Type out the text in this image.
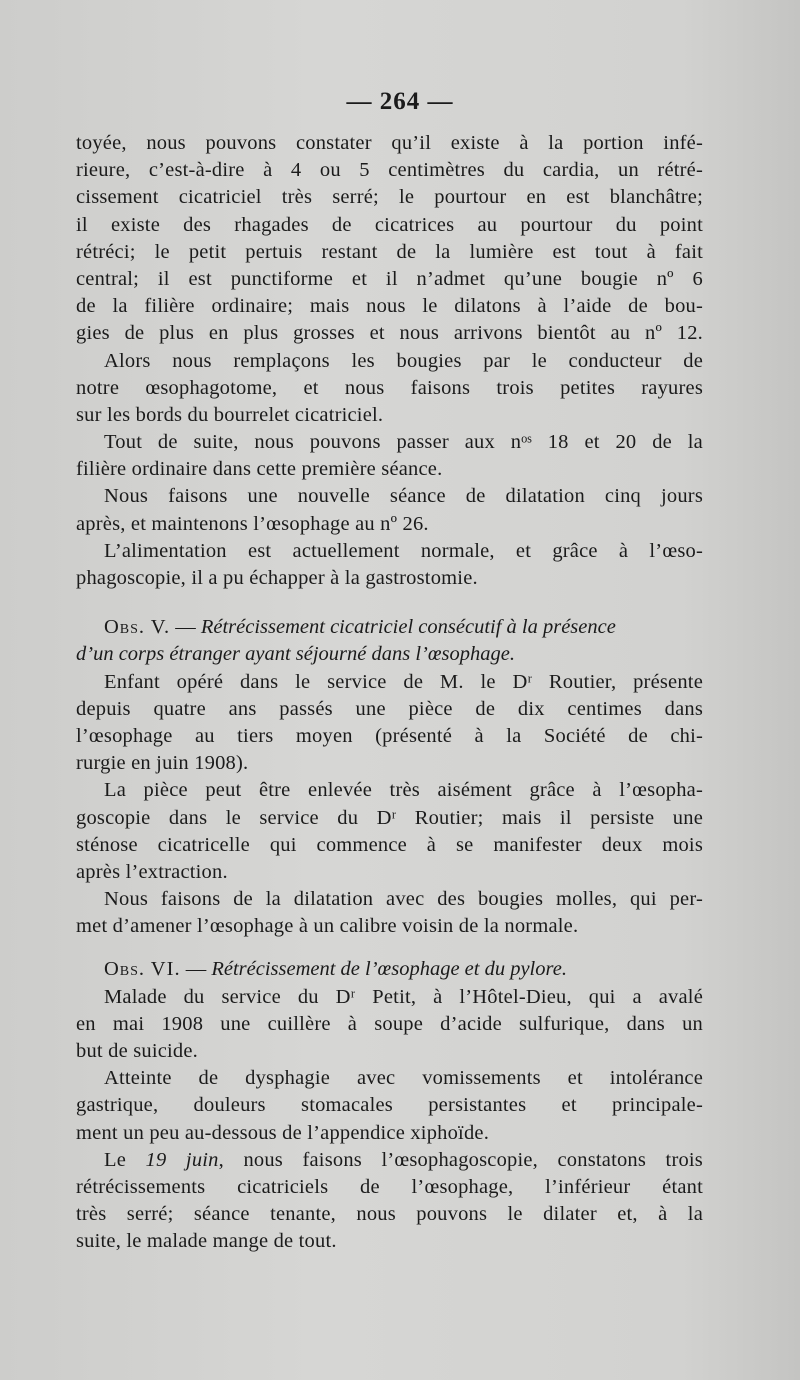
— 264 —
toyée, nous pouvons constater qu’il existe à la portion infé-
rieure, c’est-à-dire à 4 ou 5 centimètres du cardia, un rétré-
cissement cicatriciel très serré; le pourtour en est blanchâtre;
il existe des rhagades de cicatrices au pourtour du point
rétréci; le petit pertuis restant de la lumière est tout à fait
central; il est punctiforme et il n’admet qu’une bougie nº 6
de la filière ordinaire; mais nous le dilatons à l’aide de bou-
gies de plus en plus grosses et nous arrivons bientôt au nº 12.
Alors nous remplaçons les bougies par le conducteur de
notre œsophagotome, et nous faisons trois petites rayures
sur les bords du bourrelet cicatriciel.
Tout de suite, nous pouvons passer aux nᵒˢ 18 et 20 de la
filière ordinaire dans cette première séance.
Nous faisons une nouvelle séance de dilatation cinq jours
après, et maintenons l’œsophage au nº 26.
L’alimentation est actuellement normale, et grâce à l’œso-
phagoscopie, il a pu échapper à la gastrostomie.
Obs. V. — Rétrécissement cicatriciel consécutif à la présence
d’un corps étranger ayant séjourné dans l’œsophage.
Enfant opéré dans le service de M. le Dʳ Routier, présente
depuis quatre ans passés une pièce de dix centimes dans
l’œsophage au tiers moyen (présenté à la Société de chi-
rurgie en juin 1908).
La pièce peut être enlevée très aisément grâce à l’œsopha-
goscopie dans le service du Dʳ Routier; mais il persiste une
sténose cicatricelle qui commence à se manifester deux mois
après l’extraction.
Nous faisons de la dilatation avec des bougies molles, qui per-
met d’amener l’œsophage à un calibre voisin de la normale.
Obs. VI. — Rétrécissement de l’œsophage et du pylore.
Malade du service du Dʳ Petit, à l’Hôtel-Dieu, qui a avalé
en mai 1908 une cuillère à soupe d’acide sulfurique, dans un
but de suicide.
Atteinte de dysphagie avec vomissements et intolérance
gastrique, douleurs stomacales persistantes et principale-
ment un peu au-dessous de l’appendice xiphoïde.
Le 19 juin, nous faisons l’œsophagoscopie, constatons trois
rétrécissements cicatriciels de l’œsophage, l’inférieur étant
très serré; séance tenante, nous pouvons le dilater et, à la
suite, le malade mange de tout.
